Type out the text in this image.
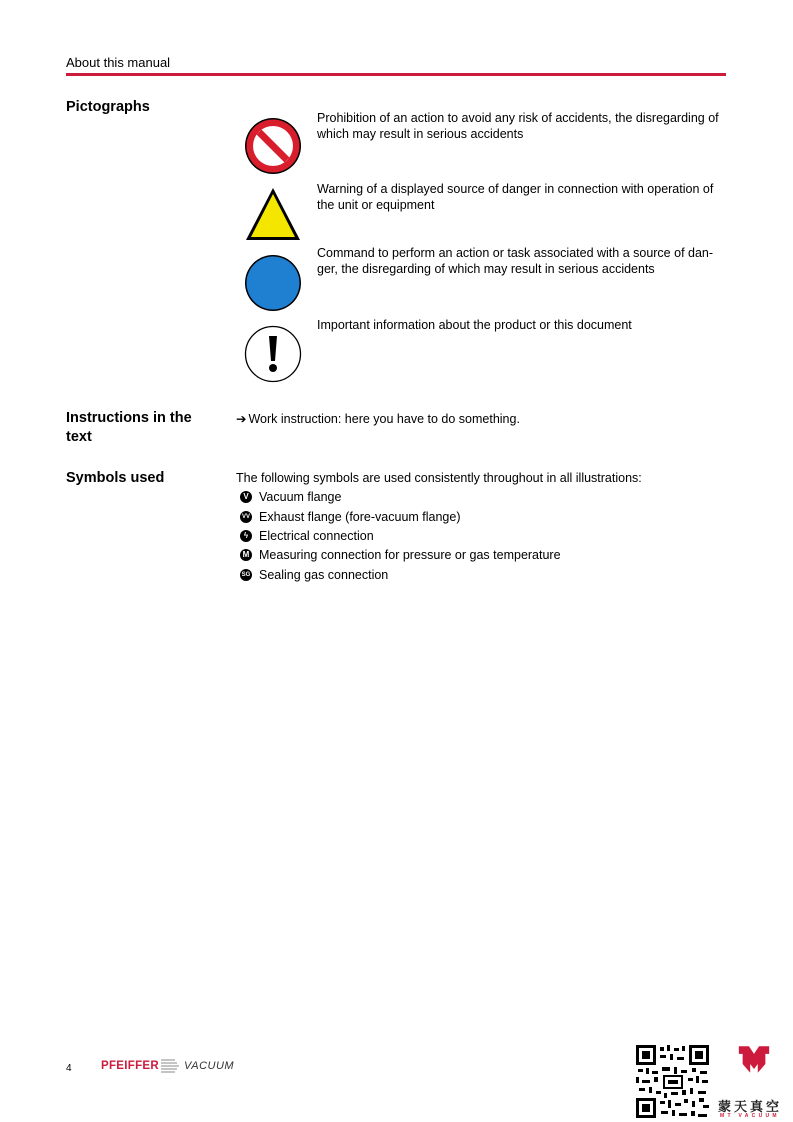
About this manual
Pictographs
Prohibition of an action to avoid any risk of accidents, the disregarding of which may result in serious accidents
Warning of a displayed source of danger in connection with operation of the unit or equipment
Command to perform an action or task associated with a source of dan-ger, the disregarding of which may result in serious accidents
Important information about the product or this document
Instructions in the text
➔ Work instruction: here you have to do something.
Symbols used	The following symbols are used consistently throughout in all illustrations:
V Vacuum flange
VV Exhaust flange (fore-vacuum flange)
ϟ Electrical connection
M Measuring connection for pressure or gas temperature
SG Sealing gas connection
4	PFEIFFER VACUUM
蒙天真空
MT VACUUM
